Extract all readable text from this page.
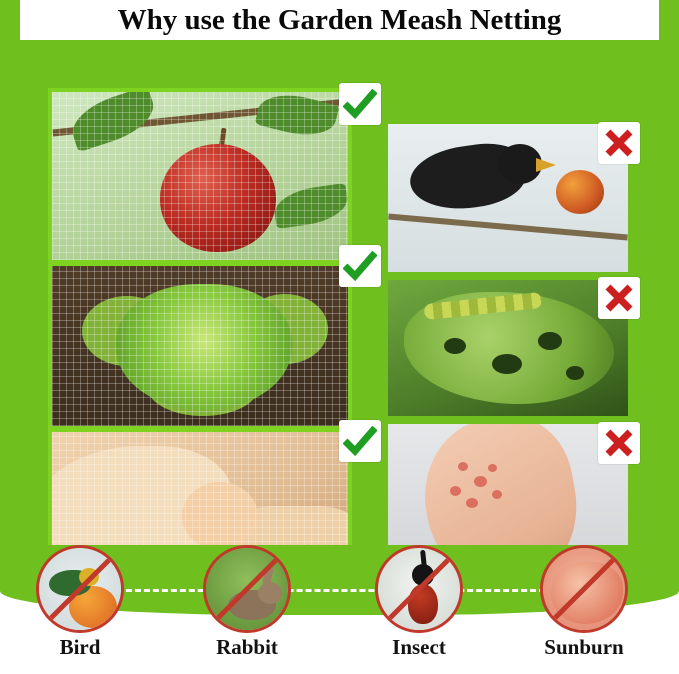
Why use the Garden Meash Netting
Bird	Rabbit	Insect	Sunburn
